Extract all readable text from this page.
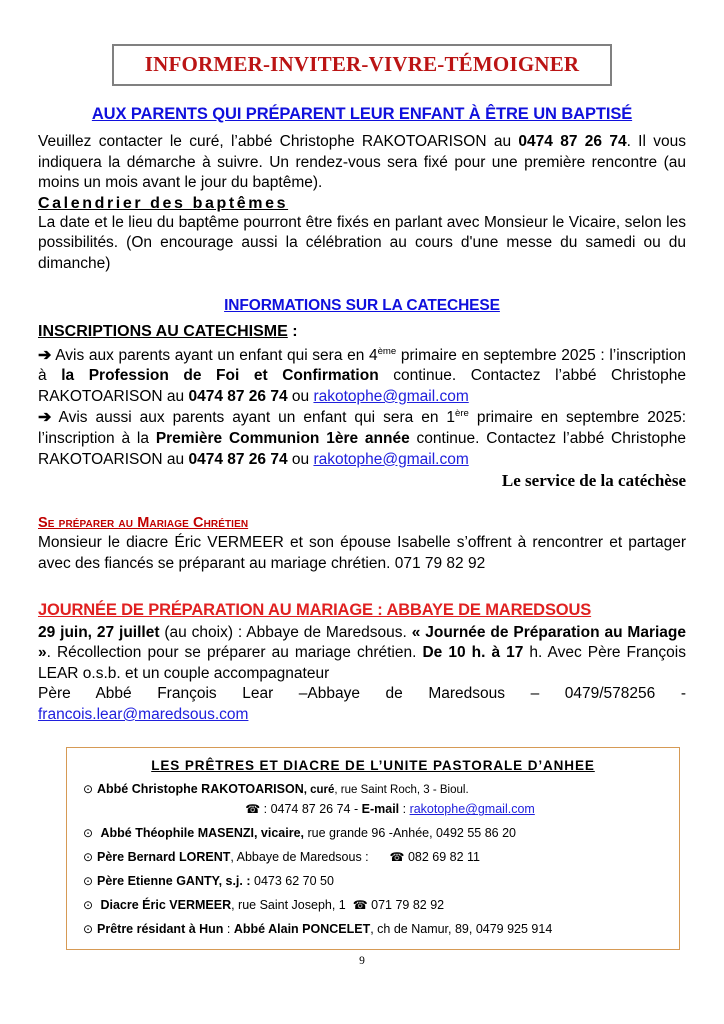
INFORMER-INVITER-VIVRE-TÉMOIGNER
AUX PARENTS QUI PRÉPARENT LEUR ENFANT À ÊTRE UN BAPTISÉ

Veuillez contacter le curé, l’abbé Christophe RAKOTOARISON au 0474 87 26 74. Il vous indiquera la démarche à suivre. Un rendez-vous sera fixé pour une première rencontre (au moins un mois avant le jour du baptême).

Calendrier des baptêmes

La date et le lieu du baptême pourront être fixés en parlant avec Monsieur le Vicaire, selon les possibilités. (On encourage aussi la célébration au cours d'une messe du samedi ou du dimanche)

INFORMATIONS SUR LA CATECHESE
INSCRIPTIONS AU CATECHISME :

➔ Avis aux parents ayant un enfant qui sera en 4ème primaire en septembre 2025 : l’inscription à la Profession de Foi et Confirmation continue. Contactez l’abbé Christophe RAKOTOARISON au 0474 87 26 74 ou rakotophe@gmail.com

➔ Avis aussi aux parents ayant un enfant qui sera en 1ère primaire en septembre 2025: l’inscription à la Première Communion 1ère année continue. Contactez l’abbé Christophe RAKOTOARISON au 0474 87 26 74 ou rakotophe@gmail.com

Le service de la catéchèse
Se préparer au Mariage Chrétien

Monsieur le diacre Éric VERMEER et son épouse Isabelle s’offrent à rencontrer et partager avec des fiancés se préparant au mariage chrétien. 071 79 82 92

JOURNÉE DE PRÉPARATION AU MARIAGE : ABBAYE DE MAREDSOUS

29 juin, 27 juillet (au choix) : Abbaye de Maredsous. « Journée de Préparation au Mariage ». Récollection pour se préparer au mariage chrétien. De 10 h. à 17 h. Avec Père François LEAR o.s.b. et un couple accompagnateur

Père Abbé François Lear –Abbaye de Maredsous – 0479/578256 -

francois.lear@maredsous.com

LES PRÊTRES ET DIACRE DE L’UNITE PASTORALE D’ANHEE
⊙ Abbé Christophe RAKOTOARISON, curé, rue Saint Roch, 3 - Bioul.
☎ : 0474 87 26 74 - E-mail : rakotophe@gmail.com
⊙ Abbé Théophile MASENZI, vicaire, rue grande 96 -Anhée, 0492 55 86 20
⊙ Père Bernard LORENT, Abbaye de Maredsous : ☎ 082 69 82 11
⊙ Père Etienne GANTY, s.j. : 0473 62 70 50
⊙ Diacre Éric VERMEER, rue Saint Joseph, 1 ☎ 071 79 82 92
⊙ Prêtre résidant à Hun : Abbé Alain PONCELET, ch de Namur, 89, 0479 925 914
9
